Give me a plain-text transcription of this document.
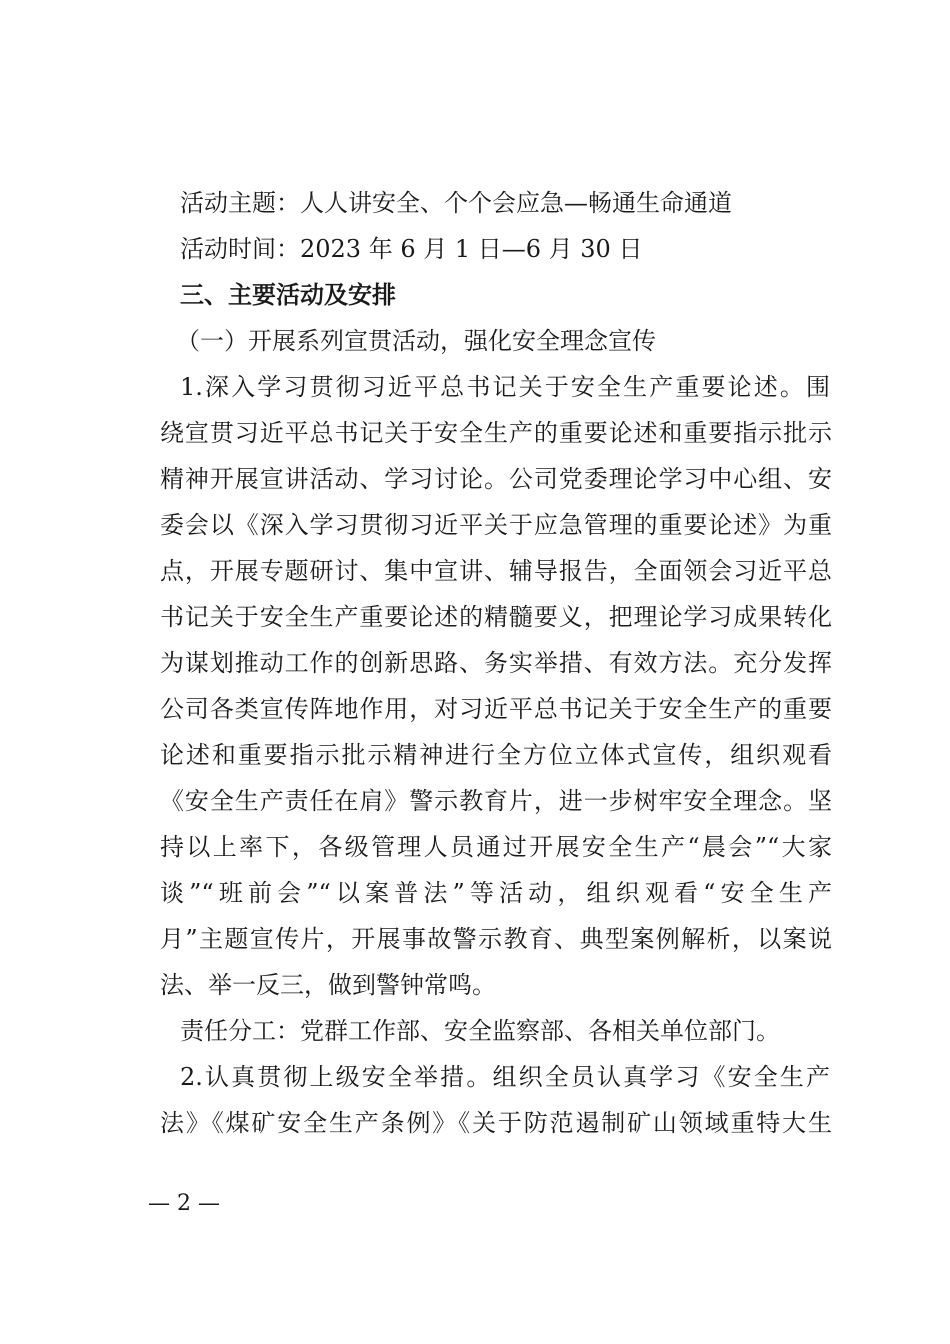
活动主题：人人讲安全、个个会应急—畅通生命通道
活动时间：2023 年 6 月 1 日—6 月 30 日
三、主要活动及安排
（一）开展系列宣贯活动，强化安全理念宣传
1.深入学习贯彻习近平总书记关于安全生产重要论述。围
绕宣贯习近平总书记关于安全生产的重要论述和重要指示批示
精神开展宣讲活动、学习讨论。公司党委理论学习中心组、安
委会以《深入学习贯彻习近平关于应急管理的重要论述》为重
点，开展专题研讨、集中宣讲、辅导报告，全面领会习近平总
书记关于安全生产重要论述的精髓要义，把理论学习成果转化
为谋划推动工作的创新思路、务实举措、有效方法。充分发挥
公司各类宣传阵地作用，对习近平总书记关于安全生产的重要
论述和重要指示批示精神进行全方位立体式宣传，组织观看
《安全生产责任在肩》警示教育片，进一步树牢安全理念。坚
持以上率下，各级管理人员通过开展安全生产“晨会”“大家
谈”“班前会”“以案普法”等活动，组织观看“安全生产
月”主题宣传片，开展事故警示教育、典型案例解析，以案说
法、举一反三，做到警钟常鸣。
责任分工：党群工作部、安全监察部、各相关单位部门。
2.认真贯彻上级安全举措。组织全员认真学习《安全生产
法》《煤矿安全生产条例》《关于防范遏制矿山领域重特大生
— 2 —
